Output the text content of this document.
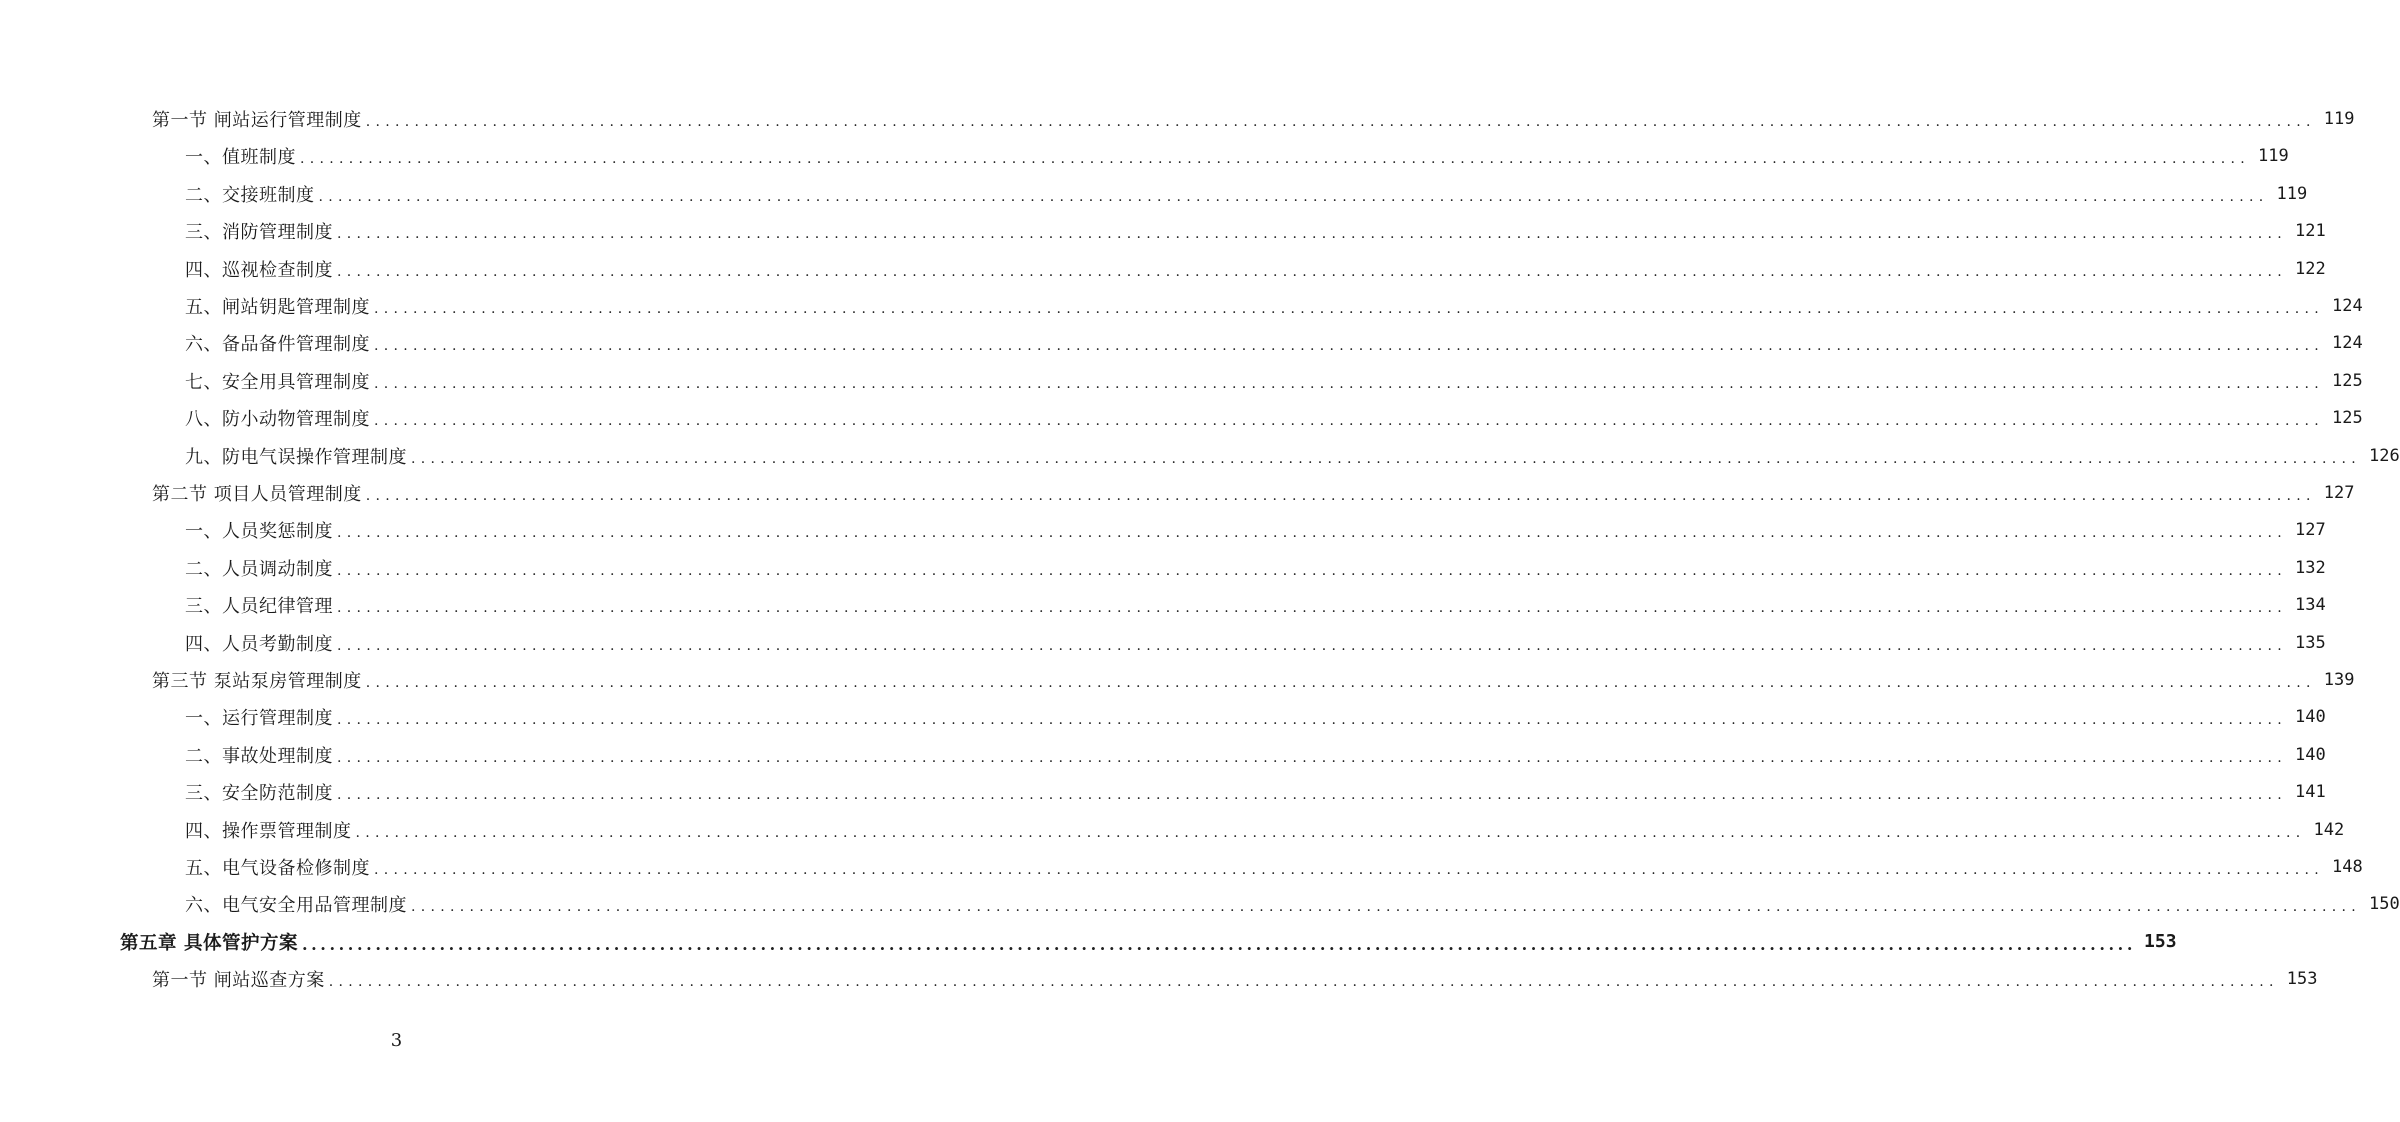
第一节 闸站运行管理制度 ........................................................................................................................................................................................................ 119
一、值班制度 ........................................................................................................................................................................................................ 119
二、交接班制度 ........................................................................................................................................................................................................ 119
三、消防管理制度 ........................................................................................................................................................................................................ 121
四、巡视检查制度 ........................................................................................................................................................................................................ 122
五、闸站钥匙管理制度 ........................................................................................................................................................................................................ 124
六、备品备件管理制度 ........................................................................................................................................................................................................ 124
七、安全用具管理制度 ........................................................................................................................................................................................................ 125
八、防小动物管理制度 ........................................................................................................................................................................................................ 125
九、防电气误操作管理制度 ........................................................................................................................................................................................................ 126
第二节 项目人员管理制度 ........................................................................................................................................................................................................ 127
一、人员奖惩制度 ........................................................................................................................................................................................................ 127
二、人员调动制度 ........................................................................................................................................................................................................ 132
三、人员纪律管理 ........................................................................................................................................................................................................ 134
四、人员考勤制度 ........................................................................................................................................................................................................ 135
第三节 泵站泵房管理制度 ........................................................................................................................................................................................................ 139
一、运行管理制度 ........................................................................................................................................................................................................ 140
二、事故处理制度 ........................................................................................................................................................................................................ 140
三、安全防范制度 ........................................................................................................................................................................................................ 141
四、操作票管理制度 ........................................................................................................................................................................................................ 142
五、电气设备检修制度 ........................................................................................................................................................................................................ 148
六、电气安全用品管理制度 ........................................................................................................................................................................................................ 150
第五章 具体管护方案 ........................................................................................................................................................................................................ 153
第一节 闸站巡查方案 ........................................................................................................................................................................................................ 153
3
